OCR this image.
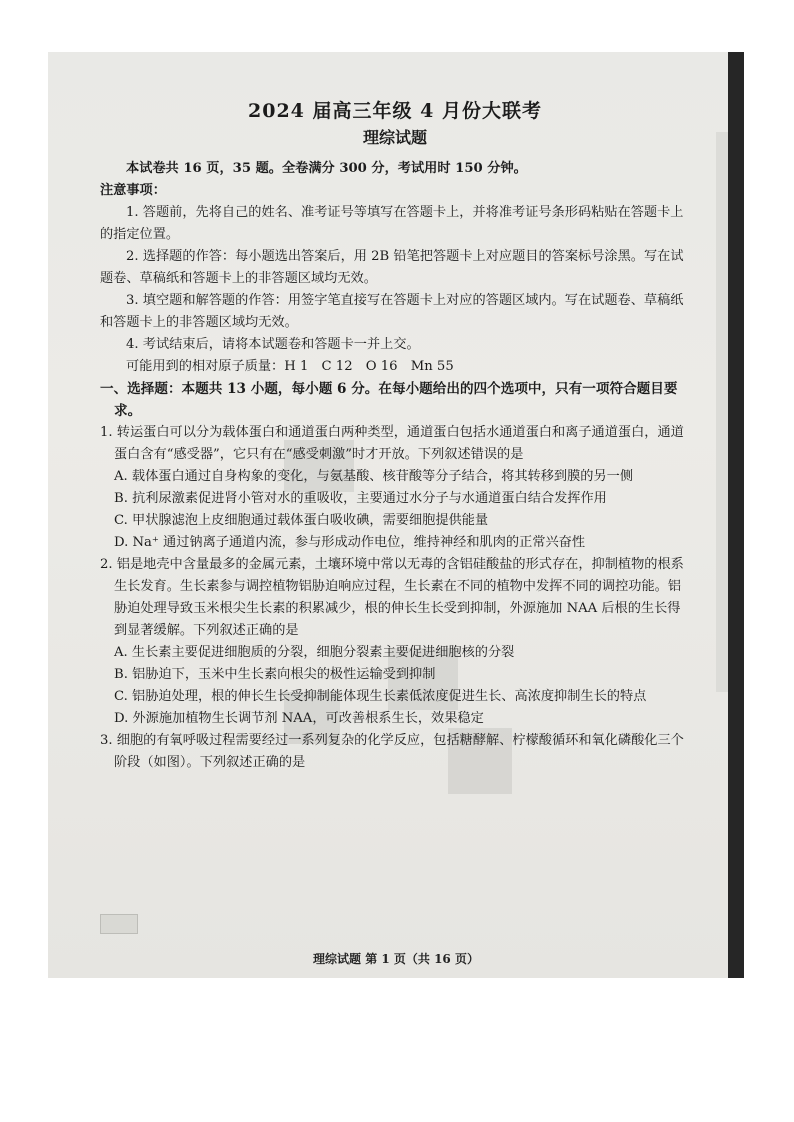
理综试题 第 1 页（共 16 页）
2024 届高三年级 4 月份大联考
理综试题

本试卷共 16 页，35 题。全卷满分 300 分，考试用时 150 分钟。

注意事项：

1. 答题前，先将自己的姓名、准考证号等填写在答题卡上，并将准考证号条形码粘贴在答题卡上的指定位置。

2. 选择题的作答：每小题选出答案后，用 2B 铅笔把答题卡上对应题目的答案标号涂黑。写在试题卷、草稿纸和答题卡上的非答题区域均无效。

3. 填空题和解答题的作答：用签字笔直接写在答题卡上对应的答题区域内。写在试题卷、草稿纸和答题卡上的非答题区域均无效。

4. 考试结束后，请将本试题卷和答题卡一并上交。

可能用到的相对原子质量：H 1　C 12　O 16　Mn 55

一、选择题：本题共 13 小题，每小题 6 分。在每小题给出的四个选项中，只有一项符合题目要求。

1. 转运蛋白可以分为载体蛋白和通道蛋白两种类型，通道蛋白包括水通道蛋白和离子通道蛋白，通道蛋白含有“感受器”，它只有在“感受刺激”时才开放。下列叙述错误的是

A. 载体蛋白通过自身构象的变化，与氨基酸、核苷酸等分子结合，将其转移到膜的另一侧

B. 抗利尿激素促进肾小管对水的重吸收，主要通过水分子与水通道蛋白结合发挥作用

C. 甲状腺滤泡上皮细胞通过载体蛋白吸收碘，需要细胞提供能量

D. Na⁺ 通过钠离子通道内流，参与形成动作电位，维持神经和肌肉的正常兴奋性

2. 铝是地壳中含量最多的金属元素，土壤环境中常以无毒的含铝硅酸盐的形式存在，抑制植物的根系生长发育。生长素参与调控植物铝胁迫响应过程，生长素在不同的植物中发挥不同的调控功能。铝胁迫处理导致玉米根尖生长素的积累减少，根的伸长生长受到抑制，外源施加 NAA 后根的生长得到显著缓解。下列叙述正确的是

A. 生长素主要促进细胞质的分裂，细胞分裂素主要促进细胞核的分裂

B. 铝胁迫下，玉米中生长素向根尖的极性运输受到抑制

C. 铝胁迫处理，根的伸长生长受抑制能体现生长素低浓度促进生长、高浓度抑制生长的特点

D. 外源施加植物生长调节剂 NAA，可改善根系生长，效果稳定

3. 细胞的有氧呼吸过程需要经过一系列复杂的化学反应，包括糖酵解、柠檬酸循环和氧化磷酸化三个阶段（如图）。下列叙述正确的是
